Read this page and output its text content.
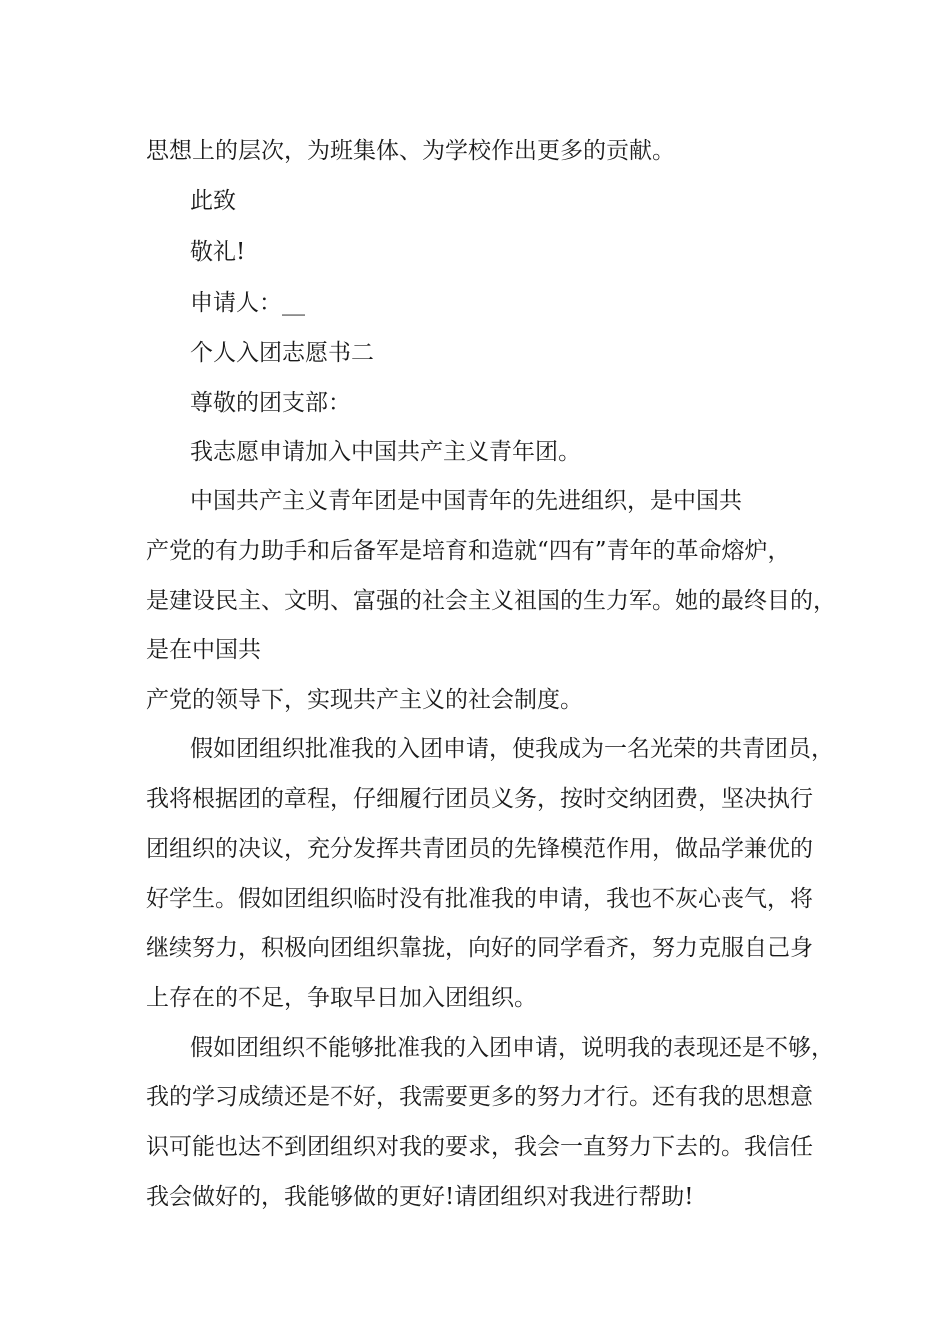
思想上的层次，为班集体、为学校作出更多的贡献。

此致

敬礼!

申请人：__

个人入团志愿书二

尊敬的团支部：

我志愿申请加入中国共产主义青年团。

中国共产主义青年团是中国青年的先进组织，是中国共

产党的有力助手和后备军是培育和造就“四有”青年的革命熔炉，

是建设民主、文明、富强的社会主义祖国的生力军。她的最终目的，

是在中国共

产党的领导下，实现共产主义的社会制度。

假如团组织批准我的入团申请，使我成为一名光荣的共青团员，

我将根据团的章程，仔细履行团员义务，按时交纳团费，坚决执行

团组织的决议，充分发挥共青团员的先锋模范作用，做品学兼优的

好学生。假如团组织临时没有批准我的申请，我也不灰心丧气，将

继续努力，积极向团组织靠拢，向好的同学看齐，努力克服自己身

上存在的不足，争取早日加入团组织。

假如团组织不能够批准我的入团申请，说明我的表现还是不够，

我的学习成绩还是不好，我需要更多的努力才行。还有我的思想意

识可能也达不到团组织对我的要求，我会一直努力下去的。我信任

我会做好的，我能够做的更好!请团组织对我进行帮助!
